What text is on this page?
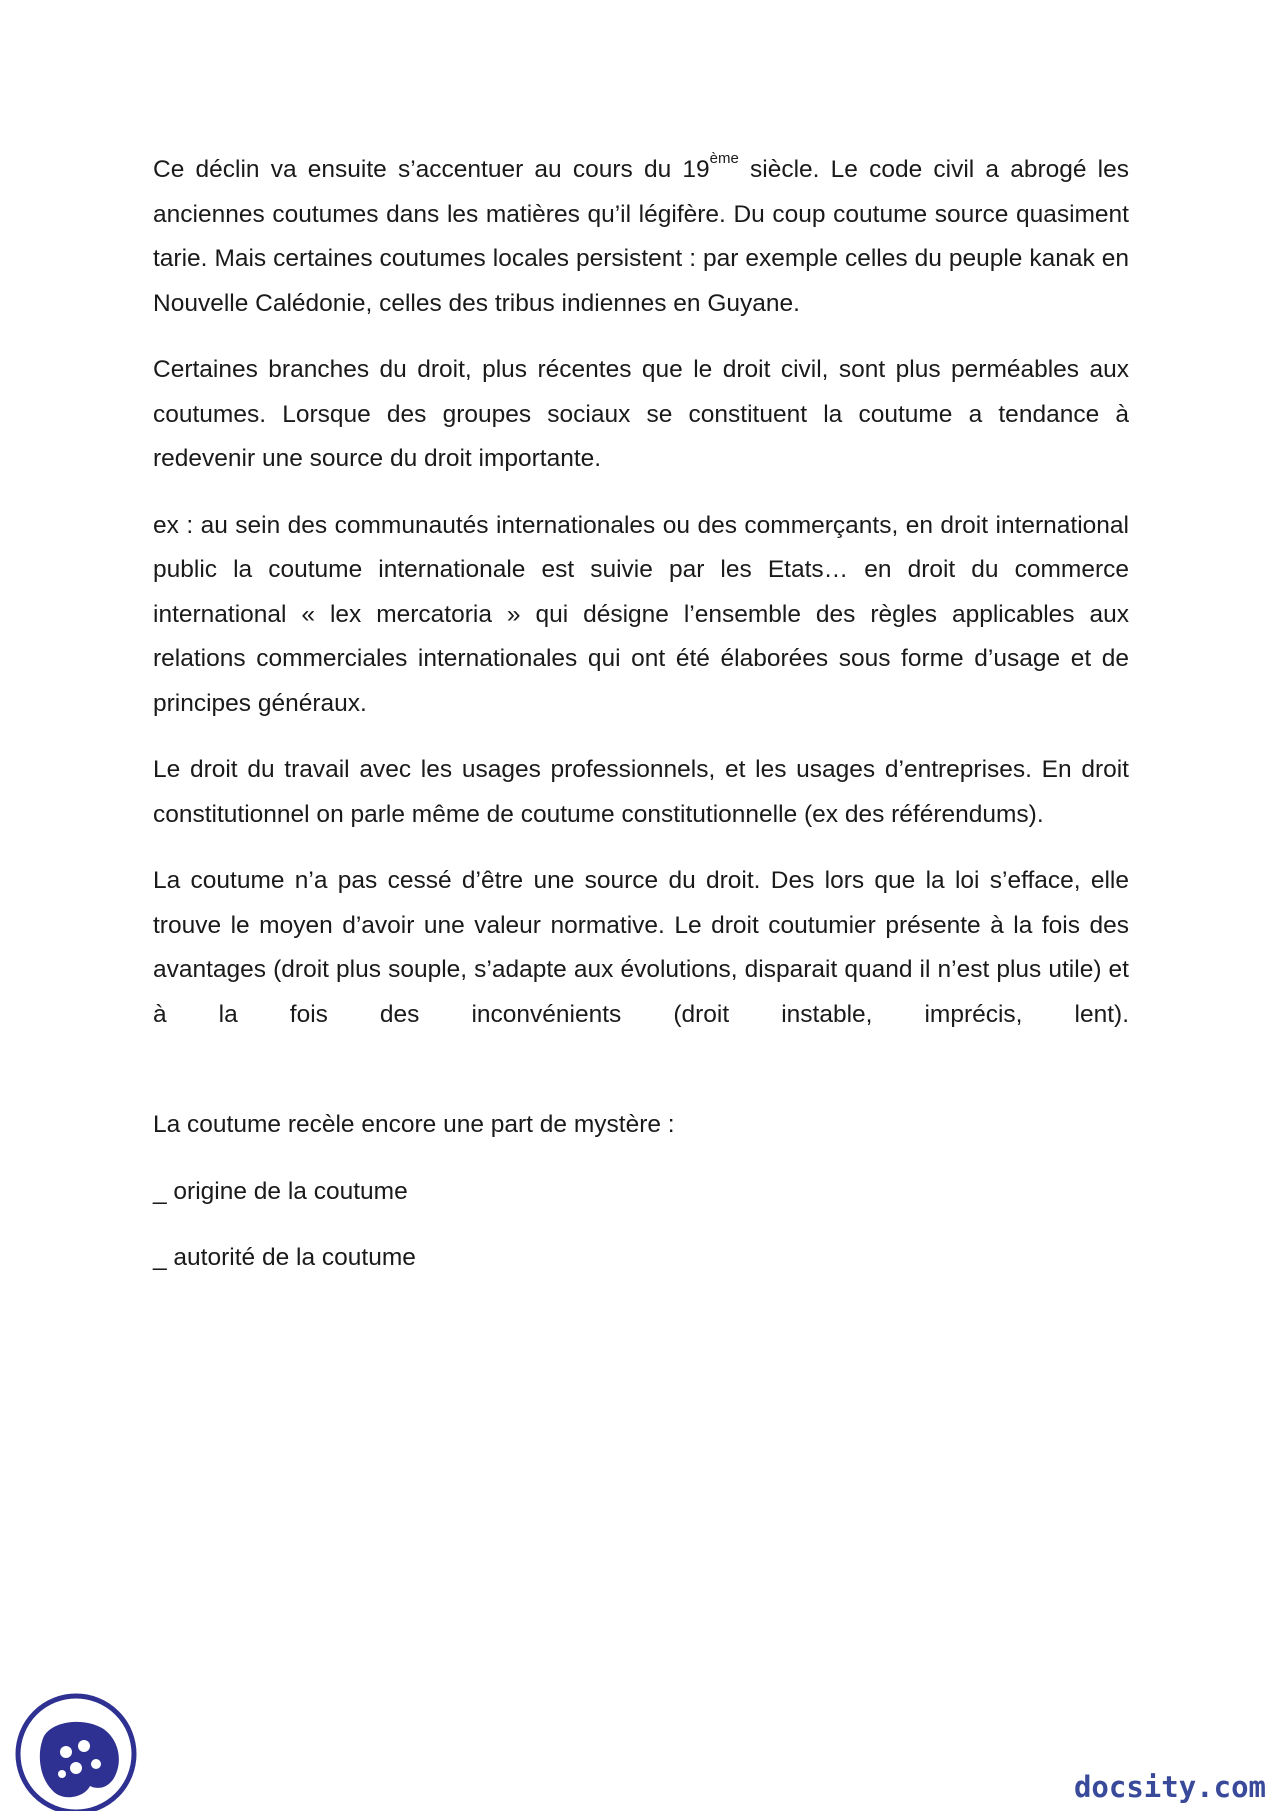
Ce déclin va ensuite s’accentuer au cours du 19ème siècle. Le code civil a abrogé les anciennes coutumes dans les matières qu’il légifère. Du coup coutume source quasiment tarie. Mais certaines coutumes locales persistent : par exemple celles du peuple kanak en Nouvelle Calédonie, celles des tribus indiennes en Guyane.

Certaines branches du droit, plus récentes que le droit civil, sont plus perméables aux coutumes. Lorsque des groupes sociaux se constituent la coutume a tendance à redevenir une source du droit importante.

ex : au sein des communautés internationales ou des commerçants, en droit international public la coutume internationale est suivie par les Etats… en droit du commerce international « lex mercatoria » qui désigne l’ensemble des règles applicables aux relations commerciales internationales qui ont été élaborées sous forme d’usage et de principes généraux.

Le droit du travail avec les usages professionnels, et les usages d’entreprises. En droit constitutionnel on parle même de coutume constitutionnelle (ex des référendums).

La coutume n’a pas cessé d’être une source du droit. Des lors que la loi s’efface, elle trouve le moyen d’avoir une valeur normative. Le droit coutumier présente à la fois des avantages (droit plus souple, s’adapte aux évolutions, disparait quand il n’est plus utile) et à la fois des inconvénients (droit instable, imprécis, lent).

La coutume recèle encore une part de mystère :

_ origine de la coutume

_ autorité de la coutume

docsity.com
